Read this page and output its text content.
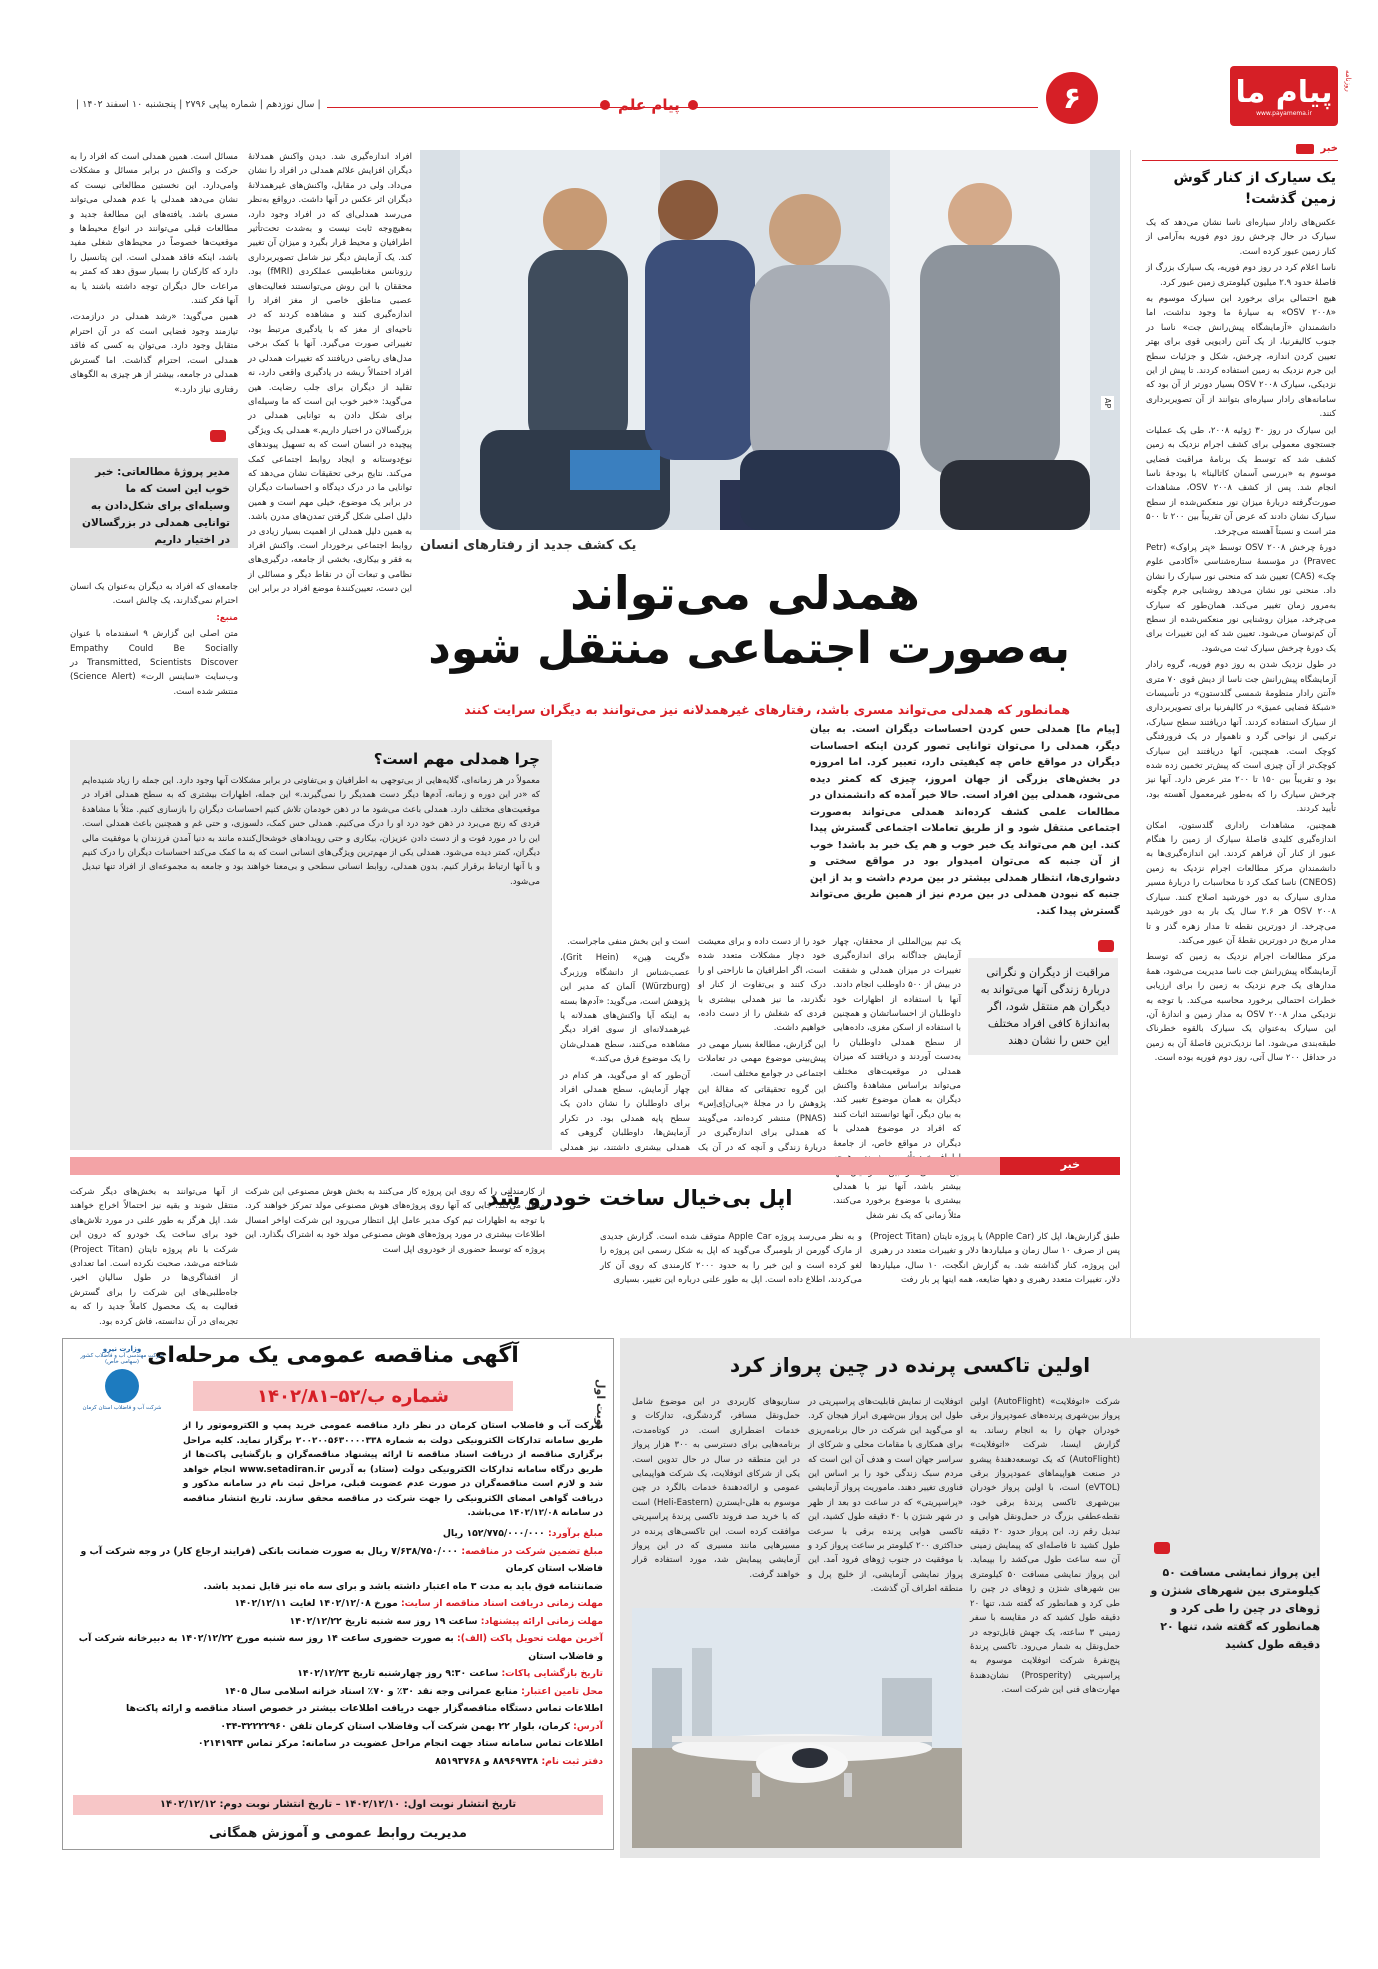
پیام ما
www.payamema.ir
روزنامه
۶
پیام علم
| سال نوزدهم | شماره پیاپی ۲۷۹۶ | پنجشنبه ۱۰ اسفند ۱۴۰۲ |
خبر
یک سیارک از کنار گوش زمین گذشت!

عکس‌های رادار سیاره‌ای ناسا نشان می‌دهد که یک سیارک در حال چرخش روز دوم فوریه به‌آرامی از کنار زمین عبور کرده است.

ناسا اعلام کرد در روز دوم فوریه، یک سیارک بزرگ از فاصلهٔ حدود ۲.۹ میلیون کیلومتری زمین عبور کرد.

هیچ احتمالی برای برخورد این سیارک موسوم به «OSV ۲۰۰۸» به سیارهٔ ما وجود نداشت، اما دانشمندان «آزمایشگاه پیش‌رانش جت» ناسا در جنوب کالیفرنیا، از یک آنتن رادیویی قوی برای بهتر تعیین کردن اندازه، چرخش، شکل و جزئیات سطح این جرم نزدیک به زمین استفاده کردند. تا پیش از این نزدیکی، سیارک OSV ۲۰۰۸ بسیار دورتر از آن بود که سامانه‌های رادار سیاره‌ای بتوانند از آن تصویربرداری کنند.

این سیارک در روز ۳۰ ژوئیه ۲۰۰۸، طی یک عملیات جستجوی معمولی برای کشف اجرام نزدیک به زمین کشف شد که توسط یک برنامهٔ مراقبت فضایی موسوم به «بررسی آسمان کاتالینا» با بودجهٔ ناسا انجام شد. پس از کشف OSV ۲۰۰۸، مشاهدات صورت‌گرفته دربارهٔ میزان نور منعکس‌شده از سطح سیارک نشان دادند که عرض آن تقریباً بین ۲۰۰ تا ۵۰۰ متر است و نسبتاً آهسته می‌چرخد.

دورهٔ چرخش OSV ۲۰۰۸ توسط «پتر پراوک» (Petr Pravec) در مؤسسهٔ ستاره‌شناسی «آکادمی علوم چک» (CAS) تعیین شد که منحنی نور سیارک را نشان داد. منحنی نور نشان می‌دهد روشنایی جرم چگونه به‌مرور زمان تغییر می‌کند. همان‌طور که سیارک می‌چرخد، میزان روشنایی نور منعکس‌شده از سطح آن کم‌نوسان می‌شود. تعیین شد که این تغییرات برای یک دورهٔ چرخش سیارک ثبت می‌شود.

در طول نزدیک شدن به روز دوم فوریه، گروه رادار آزمایشگاه پیش‌رانش جت ناسا از دیش قوی ۷۰ متری «آنتن رادار منظومهٔ شمسی گلدستون» در تأسیسات «شبکهٔ فضایی عمیق» در کالیفرنیا برای تصویربرداری از سیارک استفاده کردند. آنها دریافتند سطح سیارک، ترکیبی از نواحی گرد و ناهموار در یک فرورفتگی کوچک است. همچنین، آنها دریافتند این سیارک کوچک‌تر از آن چیزی است که پیش‌تر تخمین زده شده بود و تقریباً بین ۱۵۰ تا ۲۰۰ متر عرض دارد. آنها نیز چرخش سیارک را که به‌طور غیرمعمول آهسته بود، تأیید کردند.

همچنین، مشاهدات راداری گلدستون، امکان اندازه‌گیری کلیدی فاصلهٔ سیارک از زمین را هنگام عبور از کنار آن فراهم کردند. این اندازه‌گیری‌ها به دانشمندان مرکز مطالعات اجرام نزدیک به زمین (CNEOS) ناسا کمک کرد تا محاسبات را دربارهٔ مسیر مداری سیارک به دور خورشید اصلاح کنند. سیارک OSV ۲۰۰۸ هر ۲.۶ سال یک بار به دور خورشید می‌چرخد. از دورترین نقطه تا مدار زهره گذر و تا مدار مریخ در دورترین نقطهٔ آن عبور می‌کند.

مرکز مطالعات اجرام نزدیک به زمین که توسط آزمایشگاه پیش‌رانش جت ناسا مدیریت می‌شود، همهٔ مدارهای یک جرم نزدیک به زمین را برای ارزیابی خطرات احتمالی برخورد محاسبه می‌کند. با توجه به نزدیکی مدار OSV ۲۰۰۸ به مدار زمین و اندازهٔ آن، این سیارک به‌عنوان یک سیارک بالقوه خطرناک طبقه‌بندی می‌شود. اما نزدیک‌ترین فاصلهٔ آن به زمین در حداقل ۲۰۰ سال آتی، روز دوم فوریه بوده است.

AP
یک کشف جدید از رفتارهای انسان
همدلی می‌تواند
به‌صورت اجتماعی منتقل شود
همانطور که همدلی می‌تواند مسری باشد، رفتارهای غیرهمدلانه نیز می‌توانند به دیگران سرایت کنند
[پیام ما] همدلی حس کردن احساسات دیگران است. به بیان دیگر، همدلی را می‌توان توانایی تصور کردن اینکه احساسات دیگران در مواقع خاص چه کیفیتی دارد، تعبیر کرد. اما امروزه در بخش‌های بزرگی از جهان امروز، چیزی که کمتر دیده می‌شود، همدلی بین افراد است. حالا خبر آمده که دانشمندان در مطالعات علمی کشف کرده‌اند همدلی می‌تواند به‌صورت اجتماعی منتقل شود و از طریق تعاملات اجتماعی گسترش پیدا کند. این هم می‌تواند یک خبر خوب و هم یک خبر بد باشد! خوب از آن جنبه که می‌توان امیدوار بود در مواقع سختی و دشواری‌ها، انتظار همدلی بیشتر در بین مردم داشت و بد از این جنبه که نبودن همدلی در بین مردم نیز از همین طریق می‌تواند گسترش پیدا کند.
مراقبت از دیگران و نگرانی دربارهٔ زندگی آنها می‌تواند به دیگران هم منتقل شود، اگر به‌اندازهٔ کافی افراد مختلف این حس را نشان دهند

یک تیم بین‌المللی از محققان، چهار آزمایش جداگانه برای اندازه‌گیری تغییرات در میزان همدلی و شفقت در بیش از ۵۰۰ داوطلب انجام دادند. آنها با استفاده از اظهارات خود داوطلبان از احساساتشان و همچنین با استفاده از اسکن مغزی، داده‌هایی از سطح همدلی داوطلبان را به‌دست آوردند و دریافتند که میزان همدلی در موقعیت‌های مختلف می‌تواند براساس مشاهدهٔ واکنش دیگران به همان موضوع تغییر کند. به بیان دیگر، آنها توانستند اثبات کنند که افراد در موضوع همدلی با دیگران در مواقع خاص، از جامعهٔ بیشتر باشد، آنها نیز با همدلی بیشتری با موضوع برخورد می‌کنند. مثلاً زمانی که یک نفر شغل

خود را از دست داده و برای معیشت خود دچار مشکلات متعدد شده است، اگر اطرافیان ما ناراحتی او را درک کنند و بی‌تفاوت از کنار او نگذرند، ما نیز همدلی بیشتری با فردی که شغلش را از دست داده، خواهیم داشت.

این گزارش، مطالعهٔ بسیار مهمی در پیش‌بینی موضوع مهمی در تعاملات اجتماعی در جوامع مختلف است.

این گروه تحقیقاتی که مقالهٔ این پژوهش را در مجلهٔ «پی‌ان‌اِی‌اِس» (PNAS) منتشر کرده‌اند، می‌گویند که همدلی برای اندازه‌گیری در دربارهٔ زندگی و آنچه که در آن یک

است و این بخش منفی ماجراست.

«گریت هِین» (Grit Hein)، عصب‌شناس از دانشگاه ورزبرگ (Würzburg) آلمان که مدیر این پژوهش است، می‌گوید: «آدم‌ها بسته به اینکه آیا واکنش‌های همدلانه یا غیرهمدلانه‌ای از سوی افراد دیگر مشاهده می‌کنند، سطح همدلی‌شان را یک موضوع فرق می‌کند.»

آن‌طور که او می‌گوید، هر کدام در چهار آزمایش، سطح همدلی افراد برای داوطلبان را نشان دادن یک سطح پایه همدلی بود. در تکرار آزمایش‌ها، داوطلبان گروهی که همدلی بیشتری داشتند، نیز همدلی

چرا همدلی مهم است؟
معمولاً در هر زمانه‌ای، گلایه‌هایی از بی‌توجهی به اطرافیان و بی‌تفاوتی در برابر مشکلات آنها وجود دارد. این جمله را زیاد شنیده‌ایم که «در این دوره و زمانه، آدم‌ها دیگر دست همدیگر را نمی‌گیرند.» این جمله، اظهارات بیشتری که به سطح همدلی افراد در موقعیت‌های مختلف دارد. همدلی باعث می‌شود ما در ذهن خودمان تلاش کنیم احساسات دیگران را بازسازی کنیم. مثلاً با مشاهدهٔ فردی که رنج می‌برد در ذهن خود درد او را درک می‌کنیم. همدلی حس کمک، دلسوزی، و حتی غم و همچنین باعث همدلی است. این را در مورد فوت و از دست دادن عزیزان، بیکاری و حتی رویدادهای خوشحال‌کننده مانند به دنیا آمدن فرزندان یا موفقیت مالی دیگران، کمتر دیده می‌شود. همدلی یکی از مهم‌ترین ویژگی‌های انسانی است که به ما کمک می‌کند احساسات دیگران را درک کنیم و با آنها ارتباط برقرار کنیم. بدون همدلی، روابط انسانی سطحی و بی‌معنا خواهند بود و جامعه به مجموعه‌ای از افراد تنها تبدیل می‌شود.

مسائل است. همین همدلی است که افراد را به حرکت و واکنش در برابر مسائل و مشکلات وامی‌دارد. این نخستین مطالعاتی نیست که نشان می‌دهد همدلی یا عدم همدلی می‌تواند مسری باشد. یافته‌های این مطالعهٔ جدید و مطالعات قبلی می‌توانند در انواع محیط‌ها و موقعیت‌ها خصوصاً در محیط‌های شغلی مفید باشد، اینکه فاقد همدلی است. این پتانسیل را دارد که کارکنان را بسیار سوق دهد که کمتر به مراعات حال دیگران توجه داشته باشند یا به آنها فکر کنند.

همین می‌گوید: «رشد همدلی در درازمدت، تیازمند وجود فضایی است که در آن احترام متقابل وجود دارد. می‌توان به کسی که فاقد همدلی است، احترام گذاشت. اما گسترش همدلی در جامعه، بیشتر از هر چیزی به الگوهای رفتاری نیاز دارد.»

مدیر پروژهٔ مطالعاتی: خبر خوب این است که ما وسیله‌ای برای شکل‌دادن به توانایی همدلی در بزرگسالان در اختیار داریم

جامعه‌ای که افراد به دیگران به‌عنوان یک انسان احترام نمی‌گذارند، یک چالش است.

منبع:

متن اصلی این گزارش ۹ اسفندماه با عنوان Empathy Could Be Socially Transmitted, Scientists Discover در وب‌سایت «ساینس الرت» (Science Alert) منتشر شده است.

افراد اندازه‌گیری شد. دیدن واکنش همدلانهٔ دیگران افزایش علائم همدلی در افراد را نشان می‌داد. ولی در مقابل، واکنش‌های غیرهمدلانهٔ دیگران اثر عکس در آنها داشت. درواقع به‌نظر می‌رسد همدلی‌ای که در افراد وجود دارد، به‌هیچ‌وجه ثابت نیست و به‌شدت تحت‌تأثیر اطرافیان و محیط قرار بگیرد و میزان آن تغییر کند. یک آزمایش دیگر نیز شامل تصویربرداری رزونانس مغناطیسی عملکردی (fMRI) بود. محققان با این روش می‌توانستند فعالیت‌های عصبی مناطق خاصی از مغز افراد را اندازه‌گیری کنند و مشاهده کردند که در ناحیه‌ای از مغز که با یادگیری مرتبط بود، تغییراتی صورت می‌گیرد. آنها با کمک برخی مدل‌های ریاضی دریافتند که تغییرات همدلی در افراد احتمالاً ریشه در یادگیری واقعی دارد، نه تقلید از دیگران برای جلب رضایت. هین می‌گوید: «خبر خوب این است که ما وسیله‌ای برای شکل دادن به توانایی همدلی در بزرگسالان در اختیار داریم.» همدلی یک ویژگی پیچیده در انسان است که به تسهیل پیوندهای نوع‌دوستانه و ایجاد روابط اجتماعی کمک می‌کند. نتایج برخی تحقیقات نشان می‌دهد که توانایی ما در درک دیدگاه و احساسات دیگران در برابر یک موضوع، خیلی مهم است و همین دلیل اصلی شکل گرفتن تمدن‌های مدرن باشد. به همین دلیل همدلی از اهمیت بسیار زیادی در روابط اجتماعی برخوردار است. واکنش افراد به فقر و بیکاری، بخشی از جامعه، درگیری‌های نظامی و تبعات آن در نقاط دیگر و مسائلی از این دست، تعیین‌کنندهٔ موضع افراد در برابر این
خبر
اپل بی‌خیال ساخت خودرو شد
طبق گزارش‌ها، اپل کار (Apple Car) یا پروژه تایتان (Project Titan) پس از صرف ۱۰ سال زمان و میلیاردها دلار و تغییرات متعدد در رهبری این پروژه، کنار گذاشته شد. به گزارش انگجت، ۱۰ سال، میلیاردها دلار، تغییرات متعدد رهبری و دهها ضایعه، همه اینها پر بار رفت
و به نظر می‌رسد پروژه Apple Car متوقف شده است. گزارش جدیدی از مارک گورمن از بلومبرگ می‌گوید که اپل به شکل رسمی این پروژه را لغو کرده است و این خبر را به حدود ۲۰۰۰ کارمندی که روی آن کار می‌کردند، اطلاع داده است. اپل به طور علنی درباره این تغییر، بسیاری
از کارمندانی را که روی این پروژه کار می‌کنند به بخش هوش مصنوعی این شرکت منتقل می‌کند. جایی که آنها روی پروژه‌های هوش مصنوعی مولد تمرکز خواهند کرد. با توجه به اظهارات تیم کوک مدیر عامل اپل انتظار می‌رود این شرکت اواخر امسال اطلاعات بیشتری در مورد پروژه‌های هوش مصنوعی مولد خود به اشتراک بگذارد. این پروژه که توسط حضوری از خودروی اپل است
از آنها می‌توانند به بخش‌های دیگر شرکت منتقل شوند و بقیه نیز احتمالاً اخراج خواهند شد. اپل هرگز به طور علنی در مورد تلاش‌های خود برای ساخت یک خودرو که درون این شرکت با نام پروژه تایتان (Project Titan) شناخته می‌شد، صحبت نکرده است. اما تعدادی از افشاگری‌ها در طول سالیان اخیر، جاه‌طلبی‌های این شرکت را برای گسترش فعالیت به یک محصول کاملاً جدید را که به تجربه‌ای در آن ندانسته، فاش کرده بود.
اولین تاکسی پرنده در چین پرواز کرد
شرکت «اتوفلایت» (AutoFlight) اولین پرواز بین‌شهری پرنده‌های عمودپرواز برقی خودران جهان را به انجام رساند. به گزارش ایسنا، شرکت «اتوفلایت» (AutoFlight) که یک توسعه‌دهندهٔ پیشرو در صنعت هواپیماهای عمودپرواز برقی (eVTOL) است، با اولین پرواز خودران بین‌شهری تاکسی پرندهٔ برقی خود، نقطه‌عطفی بزرگ در حمل‌ونقل هوایی و تبدیل رقم زد. این پرواز حدود ۲۰ دقیقه طول کشید تا فاصله‌ای که پیمایش زمینی آن سه ساعت طول می‌کشد را بپیماید. این پرواز نمایشی مسافت ۵۰ کیلومتری بین شهرهای شنژن و ژوهای در چین را طی کرد و همانطور که گفته شد، تنها ۲۰ دقیقه طول کشید که در مقایسه با سفر زمینی ۳ ساعته، یک جهش قابل‌توجه در حمل‌ونقل به شمار می‌رود. تاکسی پرندهٔ پنج‌نفرهٔ شرکت اتوفلایت موسوم به پراسپریتی (Prosperity) نشان‌دهندهٔ مهارت‌های فنی این شرکت است.
اتوفلایت از نمایش قابلیت‌های پراسپریتی در طول این پرواز بین‌شهری ابراز هیجان کرد. او می‌گوید این شرکت در حال برنامه‌ریزی برای همکاری با مقامات محلی و شرکای از سراسر جهان است و هدف آن این است که مردم سبک زندگی خود را بر اساس این فناوری تغییر دهند. ماموریت پرواز آزمایشی «پراسپریتی» که در ساعت دو بعد از ظهر در شهر شنژن با ۴۰ دقیقه طول کشید، این تاکسی هوایی پرنده برقی با سرعت حداکثری ۲۰۰ کیلومتر بر ساعت پرواز کرد و با موفقیت در جنوب ژوهای فرود آمد. این پرواز نمایشی آزمایشی، از خلیج پرل و منطقه اطراف آن گذشت.
سناریوهای کاربردی در این موضوع شامل حمل‌ونقل مسافر، گردشگری، تداركات و خدمات اضطراری است. در کوتاه‌مدت، برنامه‌هایی برای دسترسی به ۳۰۰ هزار پرواز در این منطقه در سال در حال تدوین است. یکی از شرکای اتوفلایت، یک شرکت هواپیمایی عمومی و ارائه‌دهندهٔ خدمات بالگرد در چین موسوم به هلی-ایسترن (Heli-Eastern) است که با خرید صد فروند تاکسی پرندهٔ پراسپریتی موافقت کرده است. این تاکسی‌های پرنده در مسیرهایی مانند مسیری که در این پرواز آزمایشی پیمایش شد، مورد استفاده قرار خواهند گرفت.	این پرواز نمایشی مسافت ۵۰ کیلومتری بین شهرهای شنژن و ژوهای در چین را طی کرد و همانطور که گفته شد، تنها ۲۰ دقیقه طول کشید
آگهی مناقصه عمومی یک مرحله‌ای
نوبت اول
شماره ب/۵۲–۱۴۰۲/۸۱
وزارت نیرو
شرکت مهندسی آب و فاضلاب کشور
(سهامی خاص)
شرکت آب و فاضلاب استان کرمان
شرکت آب و فاضلاب استان کرمان در نظر دارد مناقصه عمومی خرید پمپ و الکتروموتور را از طریق سامانه تدارکات الکترونیکی دولت به شماره ۲۰۰۲۰۰۵۶۳۰۰۰۰۳۳۸ برگزار نماید. کلیه مراحل برگزاری مناقصه از دریافت اسناد مناقصه تا ارائه پیشنهاد مناقصه‌گران و بازگشایی پاکت‌ها از طریق درگاه سامانه تدارکات الکترونیکی دولت (ستاد) به آدرس www.setadiran.ir انجام خواهد شد و لازم است مناقصه‌گران در صورت عدم عضویت قبلی، مراحل ثبت نام در سامانه مذکور و دریافت گواهی امضای الکترونیکی را جهت شرکت در مناقصه محقق سازند. تاریخ انتشار مناقصه در سامانه ۱۴۰۲/۱۲/۰۸ می‌باشد.
مبلغ برآورد: ۱۵۲/۷۷۵/۰۰۰/۰۰۰ ریال
مبلغ تضمین شرکت در مناقصه: ۷/۶۳۸/۷۵۰/۰۰۰ ریال به صورت ضمانت بانکی (فرایند ارجاع کار) در وجه شرکت آب و فاضلاب استان کرمان
ضمانتنامه فوق باید به مدت ۳ ماه اعتبار داشته باشد و برای سه ماه نیز قابل تمدید باشد.
مهلت زمانی دریافت اسناد مناقصه از سایت: مورخ ۱۴۰۲/۱۲/۰۸ لغایت ۱۴۰۲/۱۲/۱۱
مهلت زمانی ارائه پیشنهاد: ساعت ۱۹ روز سه شنبه تاریخ ۱۴۰۲/۱۲/۲۲
آخرین مهلت تحویل پاکت (الف): به صورت حضوری ساعت ۱۴ روز سه شنبه مورخ ۱۴۰۲/۱۲/۲۲ به دبیرخانه شرکت آب و فاضلاب استان
تاریخ بازگشایی پاکات: ساعت ۹:۳۰ روز چهارشنبه تاریخ ۱۴۰۲/۱۲/۲۳
محل تامین اعتبار: منابع عمرانی وجه نقد ۳۰٪ و ۷۰٪ اسناد خزانه اسلامی سال ۱۴۰۵
اطلاعات تماس دستگاه مناقصه‌گزار جهت دریافت اطلاعات بیشتر در خصوص اسناد مناقصه و ارائه پاکت‌ها
آدرس: کرمان، بلوار ۲۲ بهمن شرکت آب وفاضلاب استان کرمان تلفن ۳۲۲۲۲۹۶۰-۰۳۴
اطلاعات تماس سامانه ستاد جهت انجام مراحل عضویت در سامانه: مرکز تماس ۰۲۱۴۱۹۳۴
دفتر ثبت نام: ۸۸۹۶۹۷۳۸ و ۸۵۱۹۳۷۶۸
تاریخ انتشار نوبت اول: ۱۴۰۲/۱۲/۱۰ – تاریخ انتشار نوبت دوم: ۱۴۰۲/۱۲/۱۲
مدیریت روابط عمومی و آموزش همگانی
